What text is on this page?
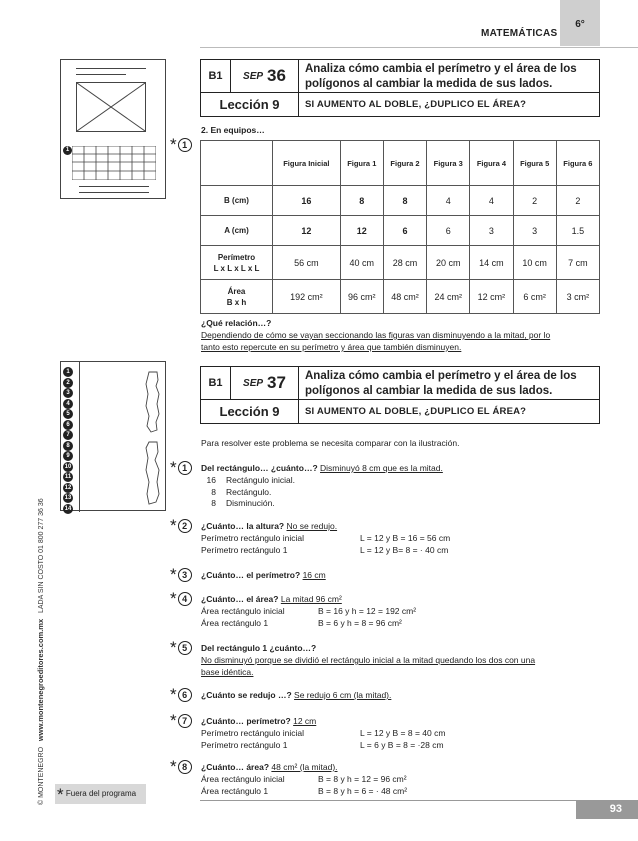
MATEMÁTICAS
6°
© MONTENEGRO   www.montenegroeditores.com.mx   LADA SIN COSTO 01 800 277 36 36
1
1
2
3
4
5
6
7
8
9
10
11
12
13
14
B1	SEP 36	Analiza cómo cambia el perímetro y el área de los polígonos al cambiar la medida de sus lados.
Lección 9	SI AUMENTO AL DOBLE, ¿DUPLICO EL ÁREA?
2. En equipos…
* 1
	Figura Inicial	Figura 1	Figura 2	Figura 3	Figura 4	Figura 5	Figura 6

B (cm)	16	8	8	4	4	2	2

A (cm)	12	12	6	6	3	3	1.5

Perímetro
L x L x L x L	56 cm	40 cm	28 cm	20 cm	14 cm	10 cm	7 cm

Área
B x h	192 cm²	96 cm²	48 cm²	24 cm²	12 cm²	6 cm²	3 cm²
¿Qué relación…?
Dependiendo de cómo se vayan seccionando las figuras van disminuyendo a la mitad, por lo
tanto esto repercute en su perímetro y área que también disminuyen.
B1	SEP 37	Analiza cómo cambia el perímetro y el área de los polígonos al cambiar la medida de sus lados.
Lección 9	SI AUMENTO AL DOBLE, ¿DUPLICO EL ÁREA?
Para resolver este problema se necesita comparar con la ilustración.
* 1	Del rectángulo… ¿cuánto…? Disminuyó 8 cm que es la mitad.
16 Rectángulo inicial.
8 Rectángulo.
8 Disminución.
* 2	¿Cuánto… la altura? No se redujo.
Perímetro rectángulo inicial	L = 12 y B = 16 = 56 cm
Perímetro rectángulo 1	L = 12 y B= 8 = · 40 cm
* 3	¿Cuánto… el perímetro? 16 cm
* 4	¿Cuánto… el área? La mitad 96 cm²
Área rectángulo inicial	B = 16 y h = 12 = 192 cm²
Área rectángulo 1	B = 6 y h = 8 = 96 cm²
* 5	Del rectángulo 1 ¿cuánto…?
No disminuyó porque se dividió el rectángulo inicial a la mitad quedando los dos con una
base idéntica.
* 6	¿Cuánto se redujo …? Se redujo 6 cm (la mitad).
* 7	¿Cuánto… perímetro? 12 cm
Perímetro rectángulo inicial	L = 12 y B = 8 = 40 cm
Perímetro rectángulo 1	L = 6 y B = 8 = ·28 cm
* 8	¿Cuánto… área? 48 cm² (la mitad).
Área rectángulo inicial	B = 8 y h = 12 = 96 cm²
Área rectángulo 1	B = 8 y h = 6 = · 48 cm²
* Fuera del programa
93
